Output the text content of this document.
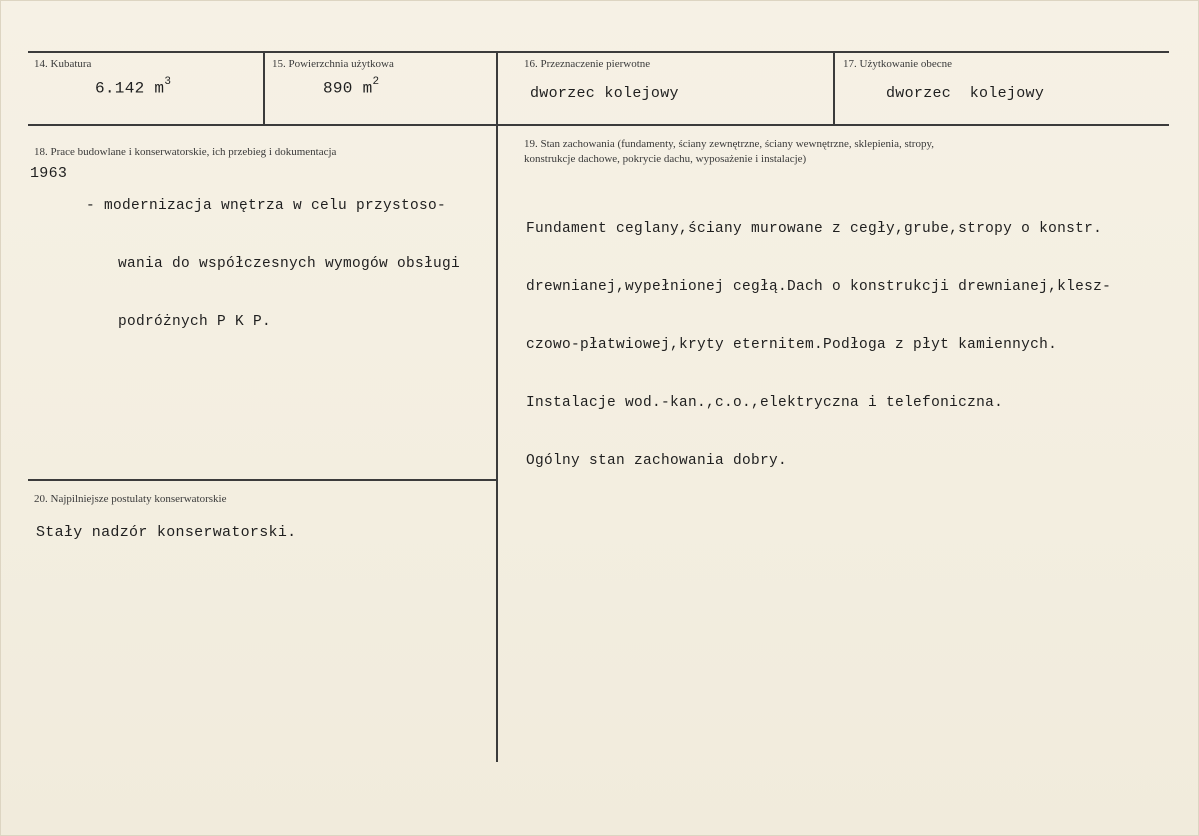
14. Kubatura
6.142 $m^3$
15. Powierzchnia użytkowa
890 $m^2$
16. Przeznaczenie pierwotne
dworzec kolejowy
17. Użytkowanie obecne
dworzec  kolejowy
18. Prace budowlane i konserwatorskie, ich przebieg i dokumentacja
1963

- modernizacja wnętrza w celu przystoso-

wania do współczesnych wymogów obsługi

podróżnych P K P.

19. Stan zachowania (fundamenty, ściany zewnętrzne, ściany wewnętrzne, sklepienia, stropy,
konstrukcje dachowe, pokrycie dachu, wyposażenie i instalacje)

Fundament ceglany,ściany murowane z cegły,grube,stropy o konstr.

drewnianej,wypełnionej cegłą.Dach o konstrukcji drewnianej,klesz-

czowo-płatwiowej,kryty eternitem.Podłoga z płyt kamiennych.

Instalacje wod.-kan.,c.o.,elektryczna i telefoniczna.

Ogólny stan zachowania dobry.

20. Najpilniejsze postulaty konserwatorskie
Stały nadzór konserwatorski.
